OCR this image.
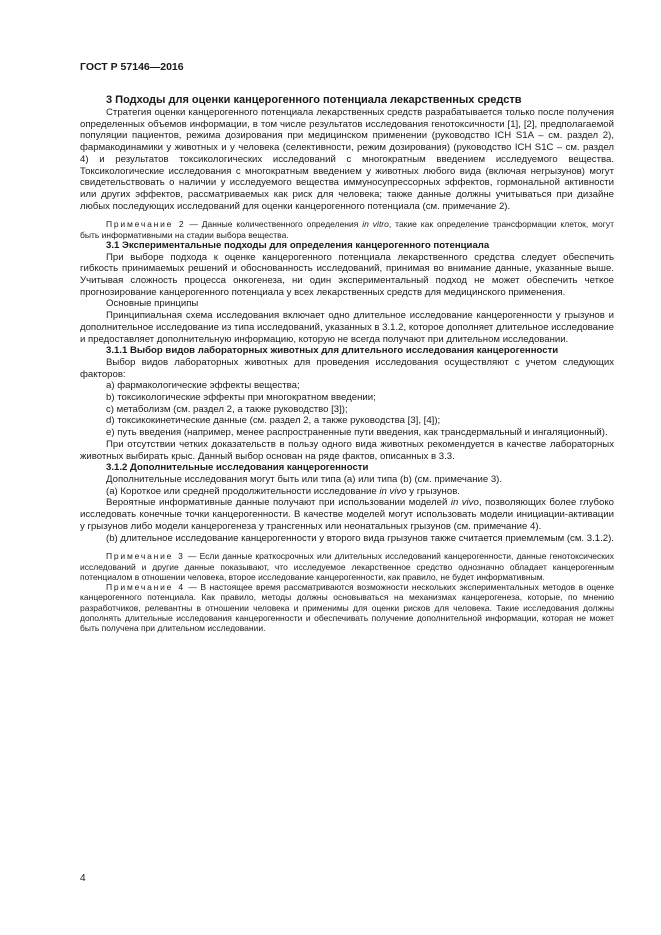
ГОСТ Р 57146—2016

3 Подходы для оценки канцерогенного потенциала лекарственных средств

Стратегия оценки канцерогенного потенциала лекарственных средств разрабатывается только после получения определенных объемов информации, в том числе результатов исследования генотоксичности [1], [2], предполагаемой популяции пациентов, режима дозирования при медицинском применении (руководство ICH S1A – см. раздел 2), фармакодинамики у животных и у человека (селективности, режим дозирования) (руководство ICH S1C – см. раздел 4) и результатов токсикологических исследований с многократным введением исследуемого вещества. Токсикологические исследования с многократным введением у животных любого вида (включая негрызунов) могут свидетельствовать о наличии у исследуемого вещества иммуносупрессорных эффектов, гормональной активности или других эффектов, рассматриваемых как риск для человека; также данные должны учитываться при дизайне любых последующих исследований для оценки канцерогенного потенциала (см. примечание 2).

Примечание 2 — Данные количественного определения in vitro, такие как определение трансформации клеток, могут быть информативными на стадии выбора вещества.

3.1 Экспериментальные подходы для определения канцерогенного потенциала

При выборе подхода к оценке канцерогенного потенциала лекарственного средства следует обеспечить гибкость принимаемых решений и обоснованность исследований, принимая во внимание данные, указанные выше. Учитывая сложность процесса онкогенеза, ни один экспериментальный подход не может обеспечить четкое прогнозирование канцерогенного потенциала у всех лекарственных средств для медицинского применения.

Основные принципы

Принципиальная схема исследования включает одно длительное исследование канцерогенности у грызунов и дополнительное исследование из типа исследований, указанных в 3.1.2, которое дополняет длительное исследование и предоставляет дополнительную информацию, которую не всегда получают при длительном исследовании.

3.1.1 Выбор видов лабораторных животных для длительного исследования канцерогенности

Выбор видов лабораторных животных для проведения исследования осуществляют с учетом следующих факторов:

а) фармакологические эффекты вещества;

b) токсикологические эффекты при многократном введении;

c) метаболизм (см. раздел 2, а также руководство [3]);

d) токсикокинетические данные (см. раздел 2, а также руководства [3], [4]);

е) путь введения (например, менее распространенные пути введения, как трансдермальный и ингаляционный).

При отсутствии четких доказательств в пользу одного вида животных рекомендуется в качестве лабораторных животных выбирать крыс. Данный выбор основан на ряде фактов, описанных в 3.3.

3.1.2 Дополнительные исследования канцерогенности

Дополнительные исследования могут быть или типа (а) или типа (b) (см. примечание 3).

(а) Короткое или средней продолжительности исследование in vivo у грызунов.

Вероятные информативные данные получают при использовании моделей in vivo, позволяющих более глубоко исследовать конечные точки канцерогенности. В качестве моделей могут использовать модели инициации-активации у грызунов либо модели канцерогенеза у трансгенных или неонатальных грызунов (см. примечание 4).

(b) длительное исследование канцерогенности у второго вида грызунов также считается приемлемым (см. 3.1.2).

Примечание 3 — Если данные краткосрочных или длительных исследований канцерогенности, данные генотоксических исследований и другие данные показывают, что исследуемое лекарственное средство однозначно обладает канцерогенным потенциалом в отношении человека, второе исследование канцерогенности, как правило, не будет информативным.

Примечание 4 — В настоящее время рассматриваются возможности нескольких экспериментальных методов в оценке канцерогенного потенциала. Как правило, методы должны основываться на механизмах канцерогенеза, которые, по мнению разработчиков, релевантны в отношении человека и применимы для оценки рисков для человека. Такие исследования должны дополнять длительные исследования канцерогенности и обеспечивать получение дополнительной информации, которая не может быть получена при длительном исследовании.

4
